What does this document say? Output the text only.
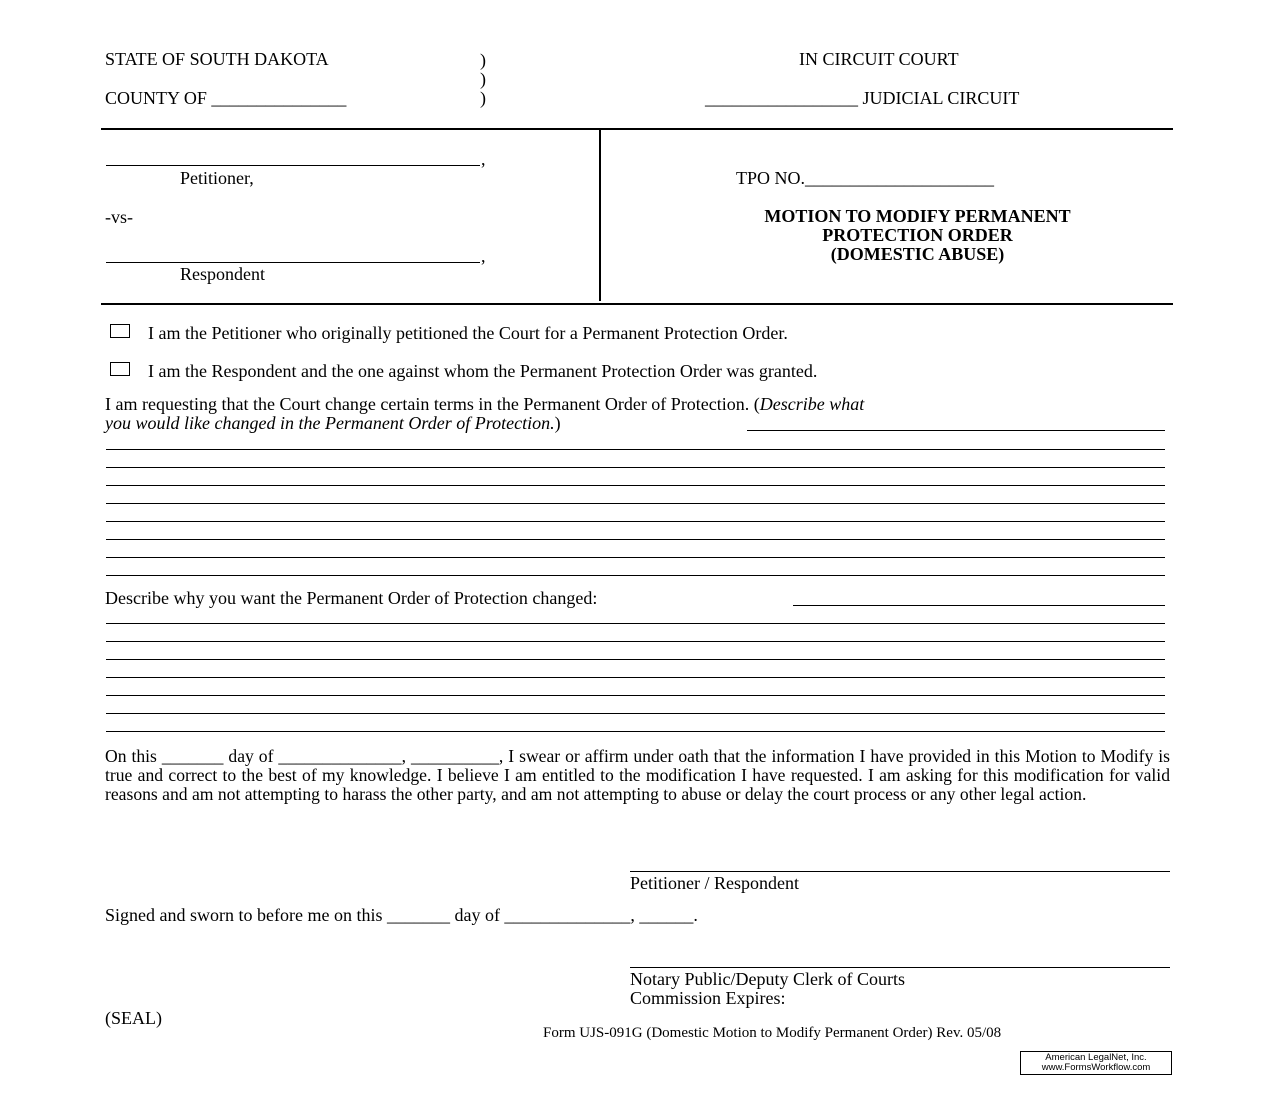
STATE OF SOUTH DAKOTA
COUNTY OF _______________
)
)
)
IN CIRCUIT COURT
_________________ JUDICIAL CIRCUIT
,
Petitioner,
-vs-
,
Respondent
TPO NO._____________________
MOTION TO MODIFY PERMANENT
PROTECTION ORDER
(DOMESTIC ABUSE)
I am the Petitioner who originally petitioned the Court for a Permanent Protection Order.
I am the Respondent and the one against whom the Permanent Protection Order was granted.
I am requesting that the Court change certain terms in the Permanent Order of Protection. (Describe what
you would like changed in the Permanent Order of Protection.)
Describe why you want the Permanent Order of Protection changed:
On this _______ day of ______________, __________, I swear or affirm under oath that the information I have provided in this Motion to Modify is true and correct to the best of my knowledge. I believe I am entitled to the modification I have requested. I am asking for this modification for valid reasons and am not attempting to harass the other party, and am not attempting to abuse or delay the court process or any other legal action.
Petitioner / Respondent
Signed and sworn to before me on this _______ day of ______________, ______.
Notary Public/Deputy Clerk of Courts
Commission Expires:
(SEAL)
Form UJS-091G (Domestic Motion to Modify Permanent Order) Rev. 05/08
American LegalNet, Inc.
www.FormsWorkflow.com
